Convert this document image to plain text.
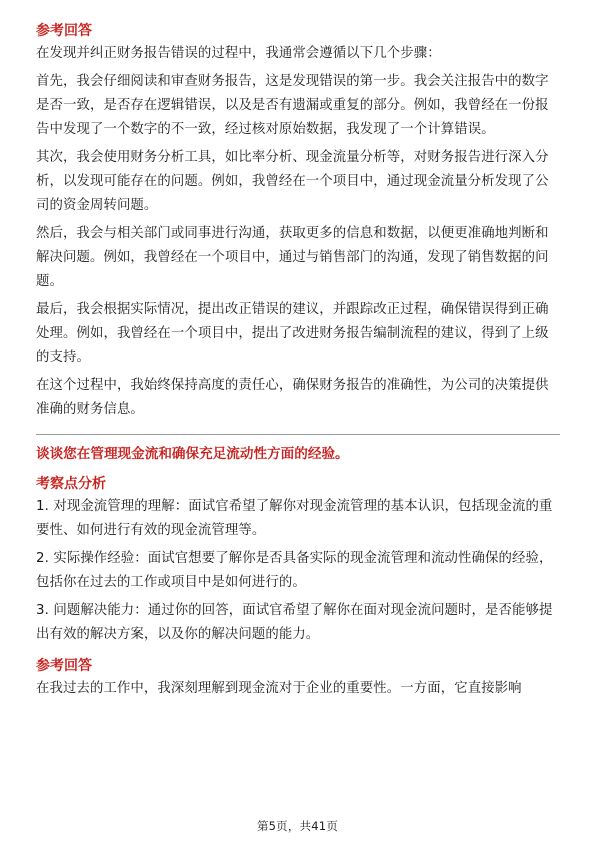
参考回答

在发现并纠正财务报告错误的过程中，我通常会遵循以下几个步骤：

首先，我会仔细阅读和审查财务报告，这是发现错误的第一步。我会关注报告中的数字是否一致，是否存在逻辑错误，以及是否有遗漏或重复的部分。例如，我曾经在一份报告中发现了一个数字的不一致，经过核对原始数据，我发现了一个计算错误。

其次，我会使用财务分析工具，如比率分析、现金流量分析等，对财务报告进行深入分析，以发现可能存在的问题。例如，我曾经在一个项目中，通过现金流量分析发现了公司的资金周转问题。

然后，我会与相关部门或同事进行沟通，获取更多的信息和数据，以便更准确地判断和解决问题。例如，我曾经在一个项目中，通过与销售部门的沟通，发现了销售数据的问题。

最后，我会根据实际情况，提出改正错误的建议，并跟踪改正过程，确保错误得到正确处理。例如，我曾经在一个项目中，提出了改进财务报告编制流程的建议，得到了上级的支持。

在这个过程中，我始终保持高度的责任心，确保财务报告的准确性，为公司的决策提供准确的财务信息。

谈谈您在管理现金流和确保充足流动性方面的经验。
考察点分析

1. 对现金流管理的理解：面试官希望了解你对现金流管理的基本认识，包括现金流的重要性、如何进行有效的现金流管理等。

2. 实际操作经验：面试官想要了解你是否具备实际的现金流管理和流动性确保的经验，包括你在过去的工作或项目中是如何进行的。

3. 问题解决能力：通过你的回答，面试官希望了解你在面对现金流问题时，是否能够提出有效的解决方案，以及你的解决问题的能力。

参考回答

在我过去的工作中，我深刻理解到现金流对于企业的重要性。一方面，它直接影响

第5页，共41页
